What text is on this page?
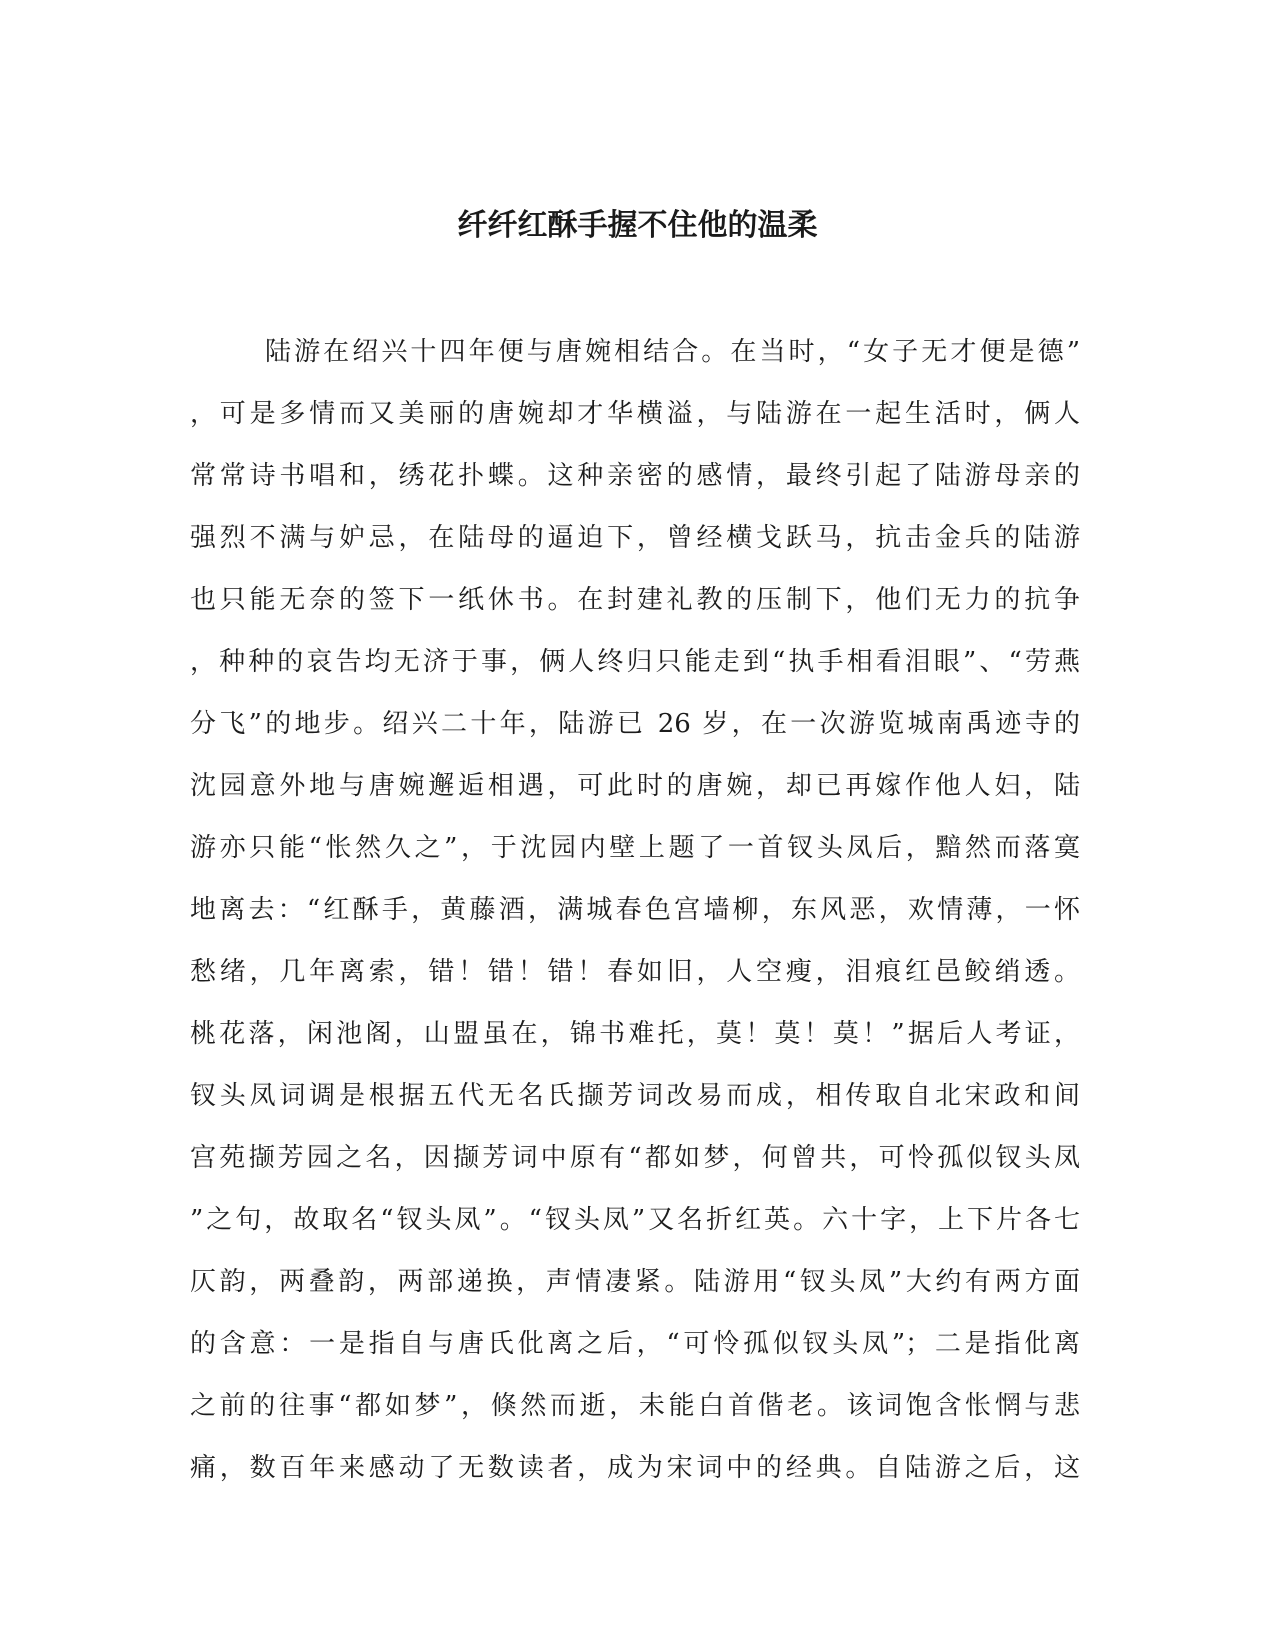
纤纤红酥手握不住他的温柔
陆游在绍兴十四年便与唐婉相结合。在当时，“女子无才便是德”
，可是多情而又美丽的唐婉却才华横溢，与陆游在一起生活时，俩人
常常诗书唱和，绣花扑蝶。这种亲密的感情，最终引起了陆游母亲的
强烈不满与妒忌，在陆母的逼迫下，曾经横戈跃马，抗击金兵的陆游
也只能无奈的签下一纸休书。在封建礼教的压制下，他们无力的抗争
，种种的哀告均无济于事，俩人终归只能走到“执手相看泪眼”、“劳燕
分飞”的地步。绍兴二十年，陆游已 26 岁，在一次游览城南禹迹寺的
沈园意外地与唐婉邂逅相遇，可此时的唐婉，却已再嫁作他人妇，陆
游亦只能“怅然久之”，于沈园内壁上题了一首钗头凤后，黯然而落寞
地离去：“红酥手，黄藤酒，满城春色宫墙柳，东风恶，欢情薄，一怀
愁绪，几年离索，错！错！错！春如旧，人空瘦，泪痕红邑鲛绡透。
桃花落，闲池阁，山盟虽在，锦书难托，莫！莫！莫！”据后人考证，
钗头凤词调是根据五代无名氏撷芳词改易而成，相传取自北宋政和间
宫苑撷芳园之名，因撷芳词中原有“都如梦，何曾共，可怜孤似钗头凤
”之句，故取名“钗头凤”。“钗头凤”又名折红英。六十字，上下片各七
仄韵，两叠韵，两部递换，声情凄紧。陆游用“钗头凤”大约有两方面
的含意：一是指自与唐氏仳离之后，“可怜孤似钗头凤”；二是指仳离
之前的往事“都如梦”，倏然而逝，未能白首偕老。该词饱含怅惘与悲
痛，数百年来感动了无数读者，成为宋词中的经典。自陆游之后，这
